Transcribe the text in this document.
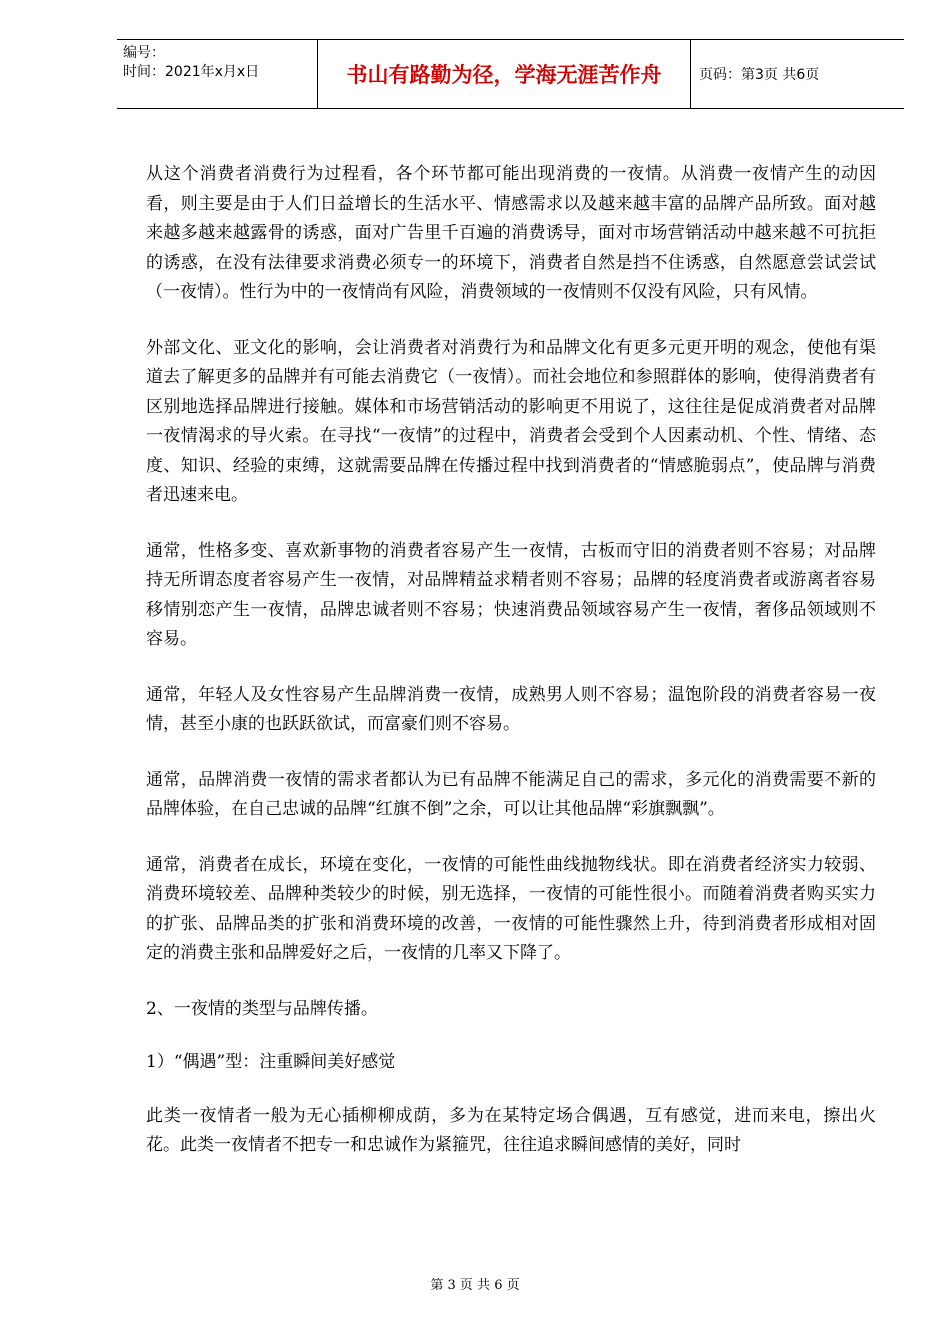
编号：
时间：2021年x月x日	书山有路勤为径，学海无涯苦作舟	页码：第3页 共6页

从这个消费者消费行为过程看，各个环节都可能出现消费的一夜情。从消费一夜情产生的动因看，则主要是由于人们日益增长的生活水平、情感需求以及越来越丰富的品牌产品所致。面对越来越多越来越露骨的诱惑，面对广告里千百遍的消费诱导，面对市场营销活动中越来越不可抗拒的诱惑，在没有法律要求消费必须专一的环境下，消费者自然是挡不住诱惑，自然愿意尝试尝试（一夜情）。性行为中的一夜情尚有风险，消费领域的一夜情则不仅没有风险，只有风情。

外部文化、亚文化的影响，会让消费者对消费行为和品牌文化有更多元更开明的观念，使他有渠道去了解更多的品牌并有可能去消费它（一夜情）。而社会地位和参照群体的影响，使得消费者有区别地选择品牌进行接触。媒体和市场营销活动的影响更不用说了，这往往是促成消费者对品牌一夜情渴求的导火索。在寻找“一夜情”的过程中，消费者会受到个人因素动机、个性、情绪、态度、知识、经验的束缚，这就需要品牌在传播过程中找到消费者的“情感脆弱点”，使品牌与消费者迅速来电。

通常，性格多变、喜欢新事物的消费者容易产生一夜情，古板而守旧的消费者则不容易；对品牌持无所谓态度者容易产生一夜情，对品牌精益求精者则不容易；品牌的轻度消费者或游离者容易移情别恋产生一夜情，品牌忠诚者则不容易；快速消费品领域容易产生一夜情，奢侈品领域则不容易。

通常，年轻人及女性容易产生品牌消费一夜情，成熟男人则不容易；温饱阶段的消费者容易一夜情，甚至小康的也跃跃欲试，而富豪们则不容易。

通常，品牌消费一夜情的需求者都认为已有品牌不能满足自己的需求，多元化的消费需要不新的品牌体验，在自己忠诚的品牌“红旗不倒”之余，可以让其他品牌“彩旗飘飘”。

通常，消费者在成长，环境在变化，一夜情的可能性曲线抛物线状。即在消费者经济实力较弱、消费环境较差、品牌种类较少的时候，别无选择，一夜情的可能性很小。而随着消费者购买实力的扩张、品牌品类的扩张和消费环境的改善，一夜情的可能性骤然上升，待到消费者形成相对固定的消费主张和品牌爱好之后，一夜情的几率又下降了。

2、一夜情的类型与品牌传播。

1）“偶遇”型：注重瞬间美好感觉

此类一夜情者一般为无心插柳柳成荫，多为在某特定场合偶遇，互有感觉，进而来电，擦出火花。此类一夜情者不把专一和忠诚作为紧箍咒，往往追求瞬间感情的美好，同时

第 3 页 共 6 页
